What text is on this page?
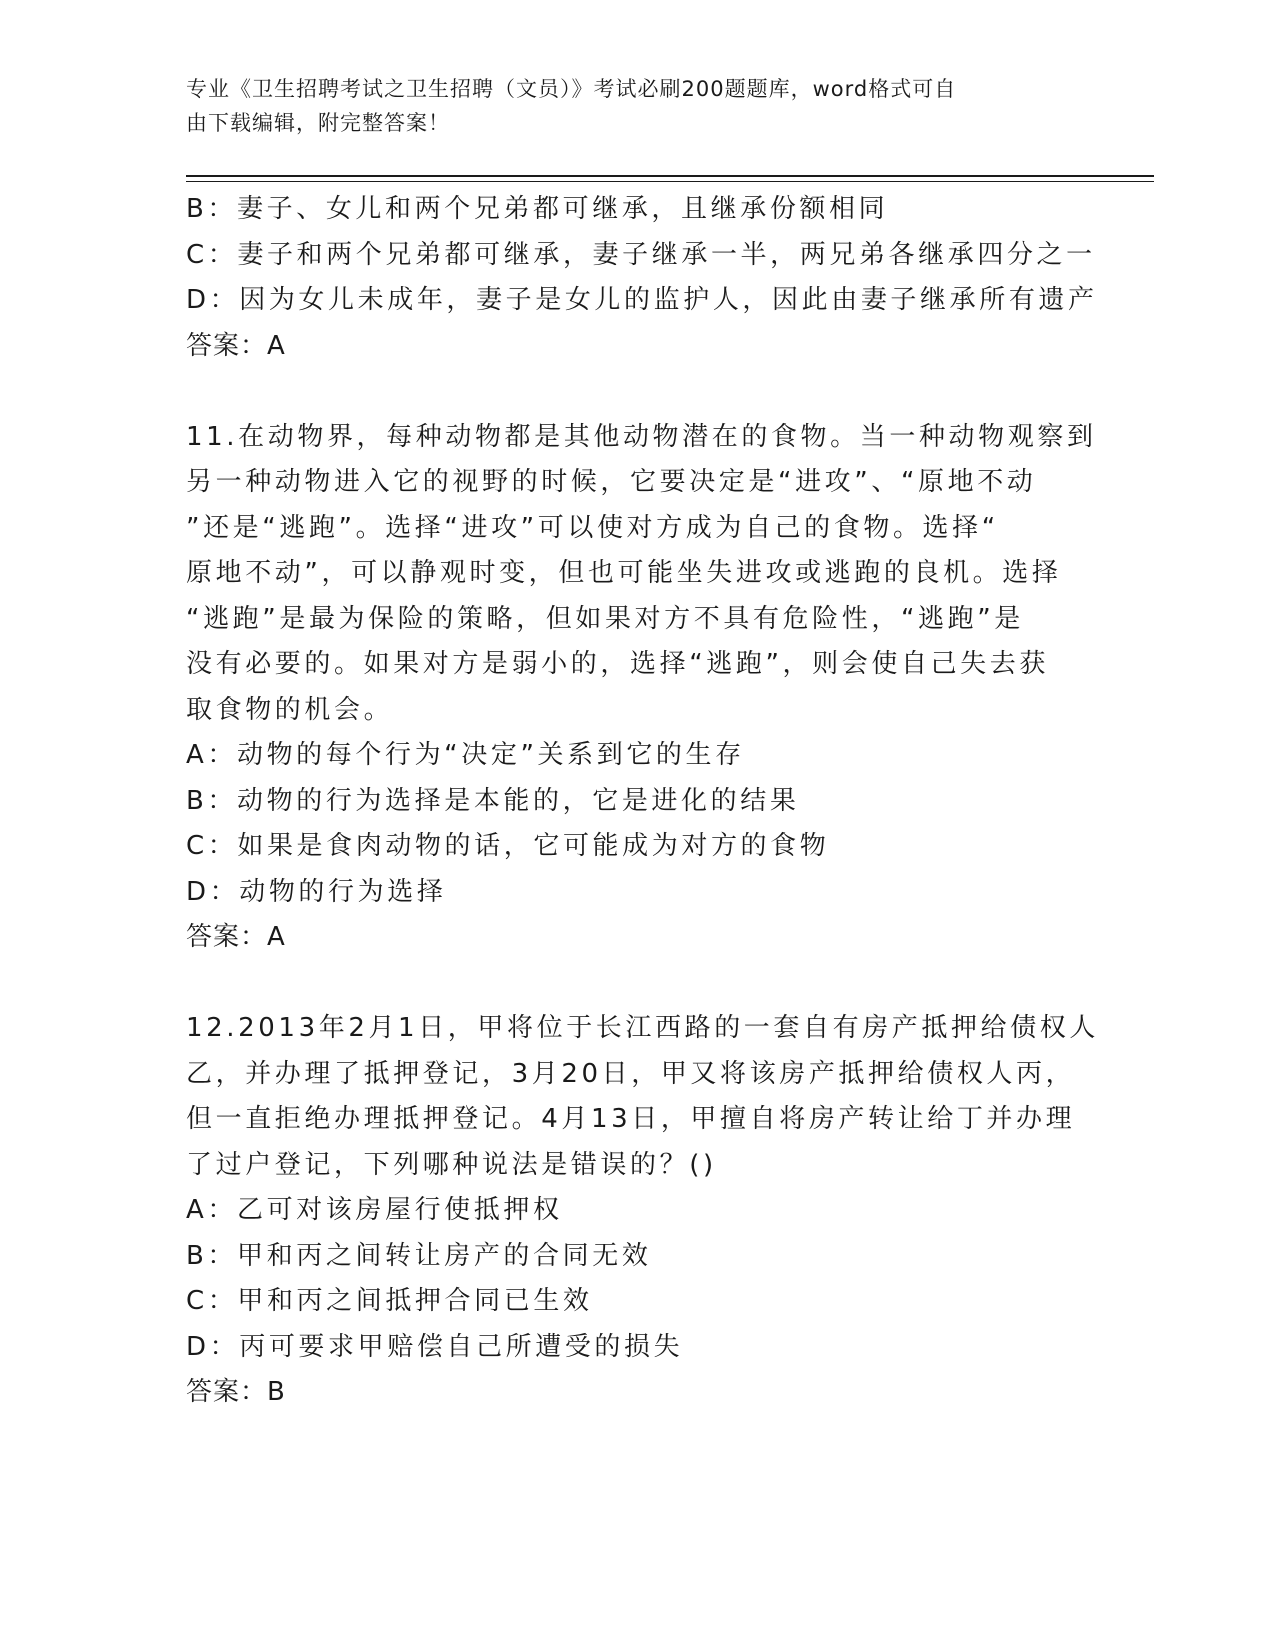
专业《卫生招聘考试之卫生招聘（文员）》考试必刷200题题库，word格式可自
由下载编辑，附完整答案！
B：妻子、女儿和两个兄弟都可继承，且继承份额相同
C：妻子和两个兄弟都可继承，妻子继承一半，两兄弟各继承四分之一
D：因为女儿未成年，妻子是女儿的监护人，因此由妻子继承所有遗产
答案：A
11.在动物界，每种动物都是其他动物潜在的食物。当一种动物观察到
另一种动物进入它的视野的时候，它要决定是“进攻”、“原地不动
”还是“逃跑”。选择“进攻”可以使对方成为自己的食物。选择“
原地不动”，可以静观时变，但也可能坐失进攻或逃跑的良机。选择
“逃跑”是最为保险的策略，但如果对方不具有危险性，“逃跑”是
没有必要的。如果对方是弱小的，选择“逃跑”，则会使自己失去获
取食物的机会。
A：动物的每个行为“决定”关系到它的生存
B：动物的行为选择是本能的，它是进化的结果
C：如果是食肉动物的话，它可能成为对方的食物
D：动物的行为选择
答案：A
12.2013年2月1日，甲将位于长江西路的一套自有房产抵押给债权人
乙，并办理了抵押登记，3月20日，甲又将该房产抵押给债权人丙，
但一直拒绝办理抵押登记。4月13日，甲擅自将房产转让给丁并办理
了过户登记，下列哪种说法是错误的？()
A：乙可对该房屋行使抵押权
B：甲和丙之间转让房产的合同无效
C：甲和丙之间抵押合同已生效
D：丙可要求甲赔偿自己所遭受的损失
答案：B
